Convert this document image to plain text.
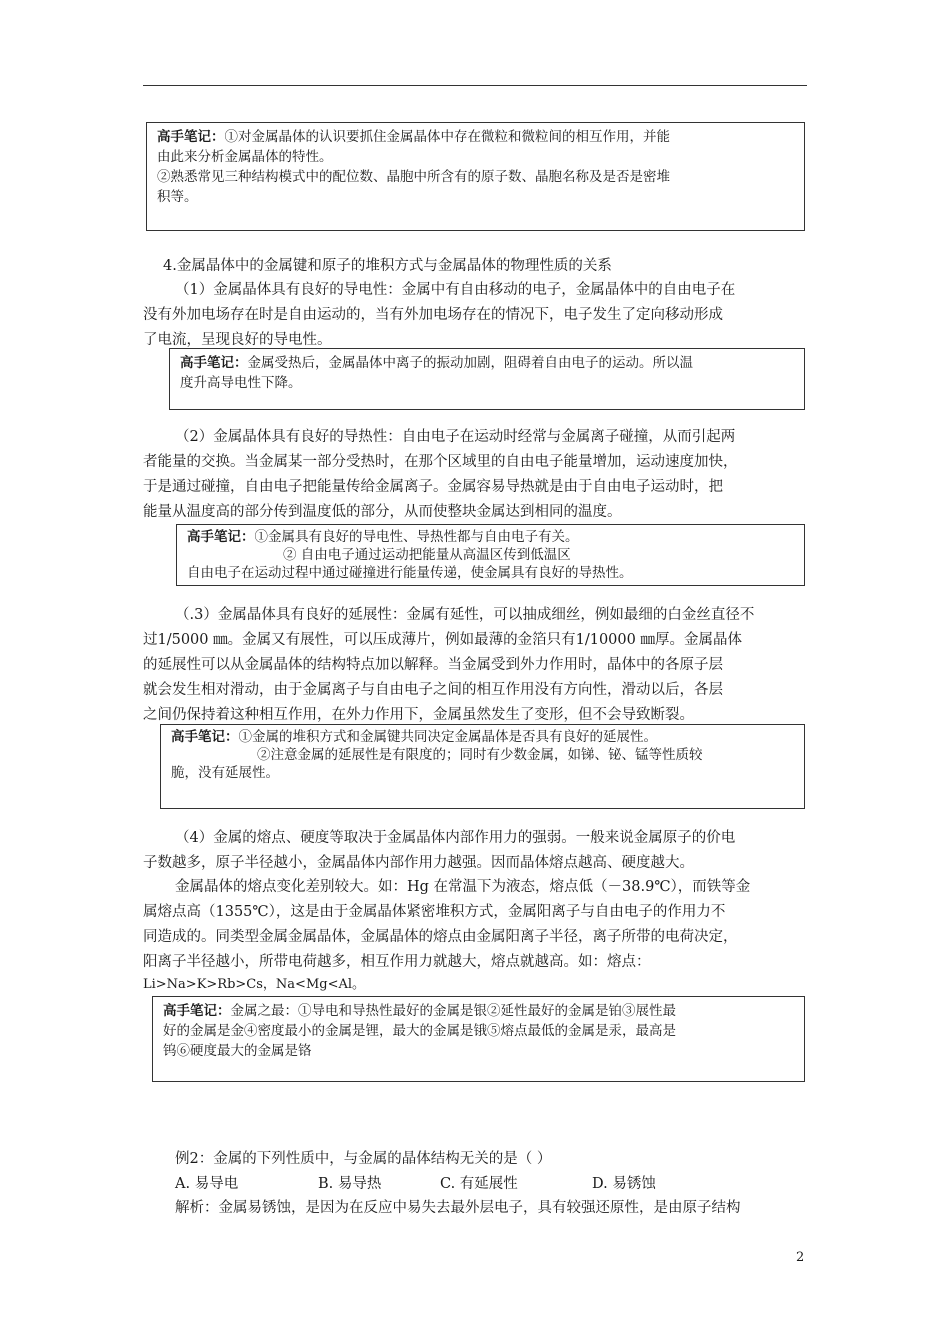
高手笔记：①对金属晶体的认识要抓住金属晶体中存在微粒和微粒间的相互作用，并能
由此来分析金属晶体的特性。
②熟悉常见三种结构模式中的配位数、晶胞中所含有的原子数、晶胞名称及是否是密堆
积等。
4.金属晶体中的金属键和原子的堆积方式与金属晶体的物理性质的关系
（1）金属晶体具有良好的导电性：金属中有自由移动的电子，金属晶体中的自由电子在
没有外加电场存在时是自由运动的，当有外加电场存在的情况下，电子发生了定向移动形成
了电流，呈现良好的导电性。
高手笔记：金属受热后，金属晶体中离子的振动加剧，阻碍着自由电子的运动。所以温
度升高导电性下降。
（2）金属晶体具有良好的导热性：自由电子在运动时经常与金属离子碰撞，从而引起两
者能量的交换。当金属某一部分受热时，在那个区域里的自由电子能量增加，运动速度加快，
于是通过碰撞，自由电子把能量传给金属离子。金属容易导热就是由于自由电子运动时，把
能量从温度高的部分传到温度低的部分，从而使整块金属达到相同的温度。
高手笔记：①金属具有良好的导电性、导热性都与自由电子有关。
② 自由电子通过运动把能量从高温区传到低温区
自由电子在运动过程中通过碰撞进行能量传递，使金属具有良好的导热性。
（.3）金属晶体具有良好的延展性：金属有延性，可以抽成细丝，例如最细的白金丝直径不
过1/5000 ㎜。金属又有展性，可以压成薄片，例如最薄的金箔只有1/10000 ㎜厚。金属晶体
的延展性可以从金属晶体的结构特点加以解释。当金属受到外力作用时，晶体中的各原子层
就会发生相对滑动，由于金属离子与自由电子之间的相互作用没有方向性，滑动以后，各层
之间仍保持着这种相互作用，在外力作用下，金属虽然发生了变形，但不会导致断裂。
高手笔记：①金属的堆积方式和金属键共同决定金属晶体是否具有良好的延展性。
②注意金属的延展性是有限度的；同时有少数金属，如锑、铋、锰等性质较
脆，没有延展性。
（4）金属的熔点、硬度等取决于金属晶体内部作用力的强弱。一般来说金属原子的价电
子数越多，原子半径越小，金属晶体内部作用力越强。因而晶体熔点越高、硬度越大。
金属晶体的熔点变化差别较大。如：Hg 在常温下为液态，熔点低（－38.9℃），而铁等金
属熔点高（1355℃），这是由于金属晶体紧密堆积方式，金属阳离子与自由电子的作用力不
同造成的。同类型金属金属晶体，金属晶体的熔点由金属阳离子半径，离子所带的电荷决定，
阳离子半径越小，所带电荷越多，相互作用力就越大，熔点就越高。如：熔点：
Li>Na>K>Rb>Cs，Na<Mg<Al。
高手笔记：金属之最：①导电和导热性最好的金属是银②延性最好的金属是铂③展性最
好的金属是金④密度最小的金属是锂，最大的金属是锇⑤熔点最低的金属是汞，最高是
钨⑥硬度最大的金属是铬
例2：金属的下列性质中，与金属的晶体结构无关的是（ ）
A. 易导电	B. 易导热	C. 有延展性	D. 易锈蚀
解析：金属易锈蚀，是因为在反应中易失去最外层电子，具有较强还原性，是由原子结构
2
